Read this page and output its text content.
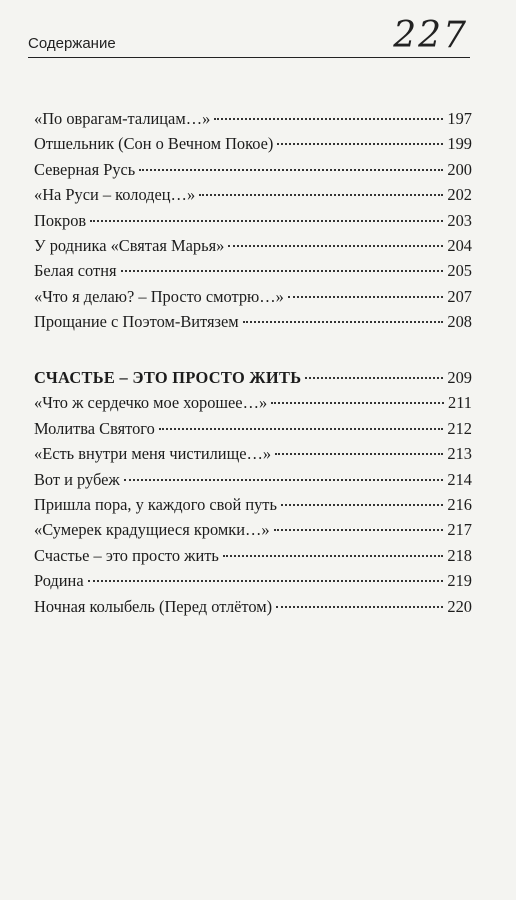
Содержание	227
«По оврагам-талицам…»	197
Отшельник (Сон о Вечном Покое)	199
Северная Русь	200
«На Руси – колодец…»	202
Покров	203
У родника «Святая Марья»	204
Белая сотня	205
«Что я делаю? – Просто смотрю…»	207
Прощание с Поэтом-Витязем	208
СЧАСТЬЕ – ЭТО ПРОСТО ЖИТЬ	209
«Что ж сердечко мое хорошее…»	211
Молитва Святого	212
«Есть внутри меня чистилище…»	213
Вот и рубеж	214
Пришла пора, у каждого свой путь	216
«Сумерек крадущиеся кромки…»	217
Счастье – это просто жить	218
Родина	219
Ночная колыбель (Перед отлётом)	220
